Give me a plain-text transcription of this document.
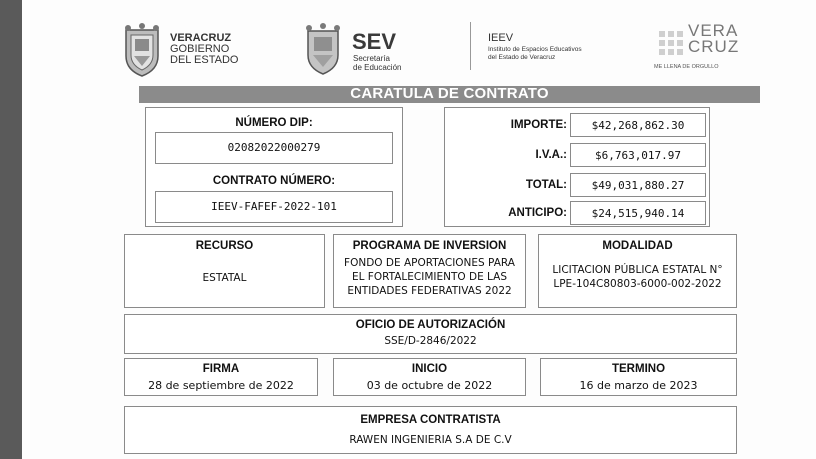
VERACRUZ
GOBIERNO
DEL ESTADO
SEV
Secretaría
de Educación
IEEV
Instituto de Espacios Educativos
del Estado de Veracruz
VERA
CRUZ
ME LLENA DE ORGULLO
CARATULA DE CONTRATO
NÚMERO DIP:
02082022000279
CONTRATO NÚMERO:
IEEV-FAFEF-2022-101
IMPORTE:	$42,268,862.30
I.V.A.:	$6,763,017.97
TOTAL:	$49,031,880.27
ANTICIPO:	$24,515,940.14
RECURSO
ESTATAL
PROGRAMA DE INVERSION
FONDO DE APORTACIONES PARA
EL FORTALECIMIENTO DE LAS
ENTIDADES FEDERATIVAS 2022
MODALIDAD
LICITACION PÚBLICA ESTATAL N°
LPE-104C80803-6000-002-2022
OFICIO DE AUTORIZACIÓN
SSE/D-2846/2022
FIRMA
28 de septiembre de 2022
INICIO
03 de octubre de 2022
TERMINO
16 de marzo de 2023
EMPRESA CONTRATISTA
RAWEN INGENIERIA S.A DE C.V
